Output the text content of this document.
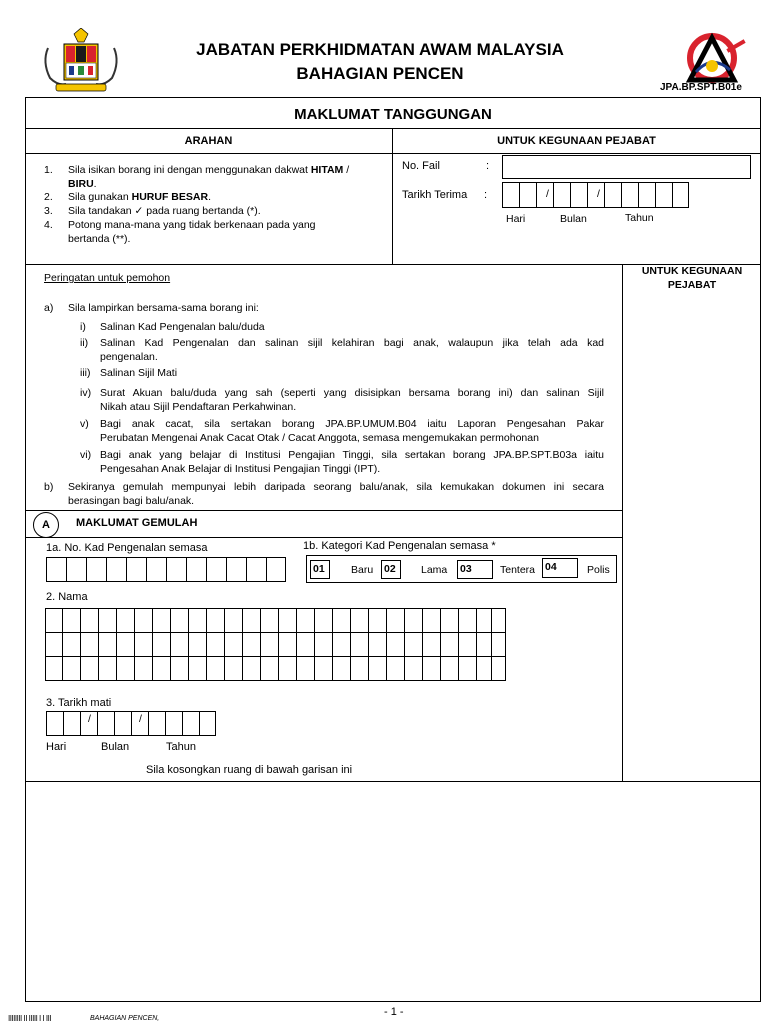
JABATAN PERKHIDMATAN AWAM MALAYSIA
BAHAGIAN PENCEN
JPA.BP.SPT.B01e
MAKLUMAT TANGGUNGAN
ARAHAN	UNTUK KEGUNAAN PEJABAT
1. Sila isikan borang ini dengan menggunakan dakwat HITAM /
BIRU.
2. Sila gunakan HURUF BESAR.
3. Sila tandakan ✓ pada ruang bertanda (*).
4. Potong mana-mana yang tidak berkenaan pada yang
bertanda (**).
No. Fail	:
Tarikh Terima :	/	/
Hari	Bulan	Tahun
UNTUK KEGUNAAN
PEJABAT
Peringatan untuk pemohon
a) Sila lampirkan bersama-sama borang ini:
i) Salinan Kad Pengenalan balu/duda
ii) Salinan Kad Pengenalan dan salinan sijil kelahiran bagi anak, walaupun jika telah ada kad
pengenalan.
iii) Salinan Sijil Mati
iv) Surat Akuan balu/duda yang sah (seperti yang disisipkan bersama borang ini) dan salinan Sijil
Nikah atau Sijil Pendaftaran Perkahwinan.
v) Bagi anak cacat, sila sertakan borang JPA.BP.UMUM.B04 iaitu Laporan Pengesahan Pakar
Perubatan Mengenai Anak Cacat Otak / Cacat Anggota, semasa mengemukakan permohonan
vi) Bagi anak yang belajar di Institusi Pengajian Tinggi, sila sertakan borang JPA.BP.SPT.B03a iaitu
Pengesahan Anak Belajar di Institusi Pengajian Tinggi (IPT).
b) Sekiranya gemulah mempunyai lebih daripada seorang balu/anak, sila kemukakan dokumen ini secara
berasingan bagi balu/anak.
A	MAKLUMAT GEMULAH
1a. No. Kad Pengenalan semasa	1b. Kategori Kad Pengenalan semasa *
01	Baru 02	Lama 03	Tentera 04	Polis
2. Nama
3. Tarikh mati
/	/
Hari	Bulan	Tahun
Sila kosongkan ruang di bawah garisan ini
IIIIIIII II IIIII I I III	BAHAGIAN PENCEN,
- 1 -
